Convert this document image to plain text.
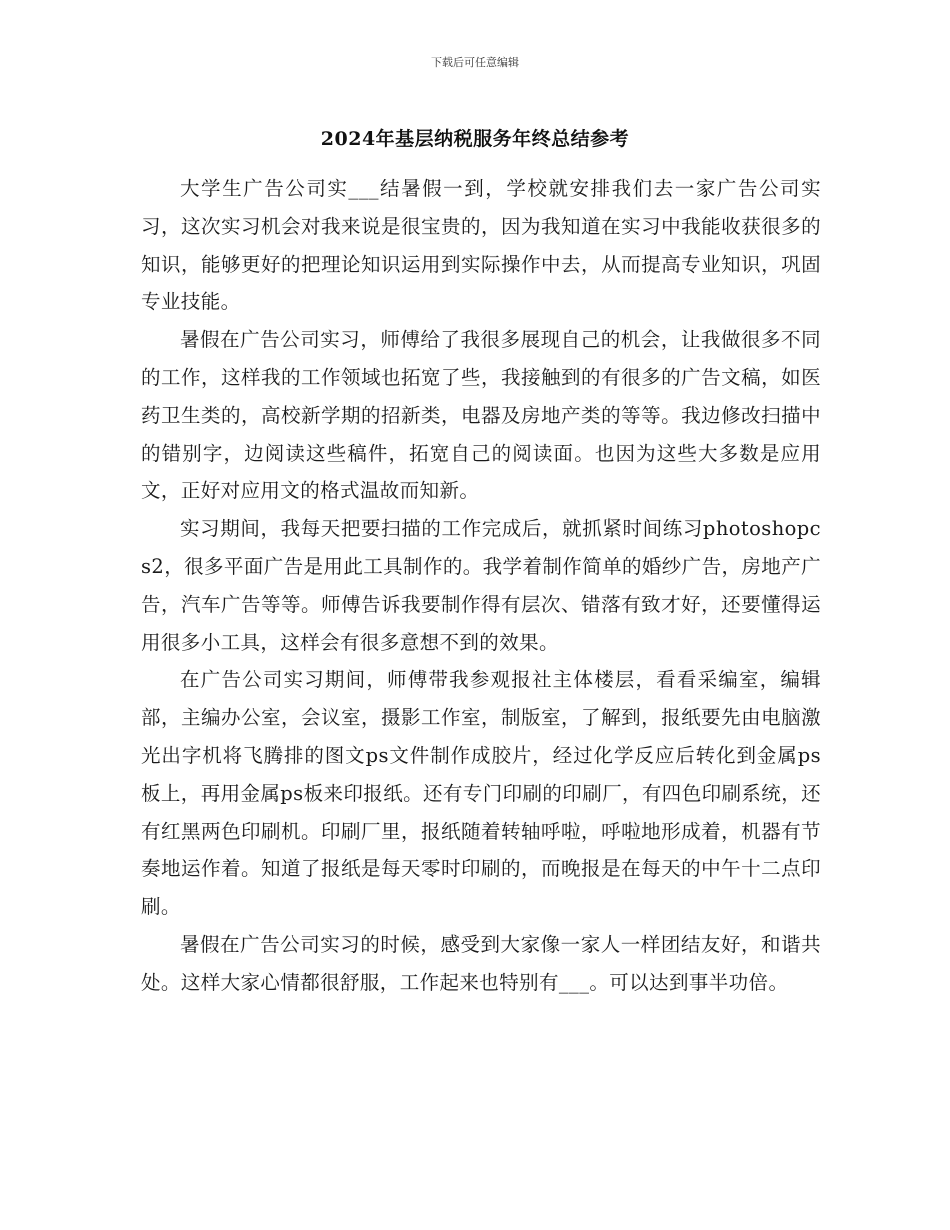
下载后可任意编辑
2024年基层纳税服务年终总结参考

大学生广告公司实___结暑假一到，学校就安排我们去一家广告公司实习，这次实习机会对我来说是很宝贵的，因为我知道在实习中我能收获很多的知识，能够更好的把理论知识运用到实际操作中去，从而提高专业知识，巩固专业技能。

暑假在广告公司实习，师傅给了我很多展现自己的机会，让我做很多不同的工作，这样我的工作领域也拓宽了些，我接触到的有很多的广告文稿，如医药卫生类的，高校新学期的招新类，电器及房地产类的等等。我边修改扫描中的错别字，边阅读这些稿件，拓宽自己的阅读面。也因为这些大多数是应用文，正好对应用文的格式温故而知新。

实习期间，我每天把要扫描的工作完成后，就抓紧时间练习photoshopcs2，很多平面广告是用此工具制作的。我学着制作简单的婚纱广告，房地产广告，汽车广告等等。师傅告诉我要制作得有层次、错落有致才好，还要懂得运用很多小工具，这样会有很多意想不到的效果。

在广告公司实习期间，师傅带我参观报社主体楼层，看看采编室，编辑部，主编办公室，会议室，摄影工作室，制版室，了解到，报纸要先由电脑激光出字机将飞腾排的图文ps文件制作成胶片，经过化学反应后转化到金属ps板上，再用金属ps板来印报纸。还有专门印刷的印刷厂，有四色印刷系统，还有红黑两色印刷机。印刷厂里，报纸随着转轴呼啦，呼啦地形成着，机器有节奏地运作着。知道了报纸是每天零时印刷的，而晚报是在每天的中午十二点印刷。

暑假在广告公司实习的时候，感受到大家像一家人一样团结友好，和谐共处。这样大家心情都很舒服，工作起来也特别有___。可以达到事半功倍。
